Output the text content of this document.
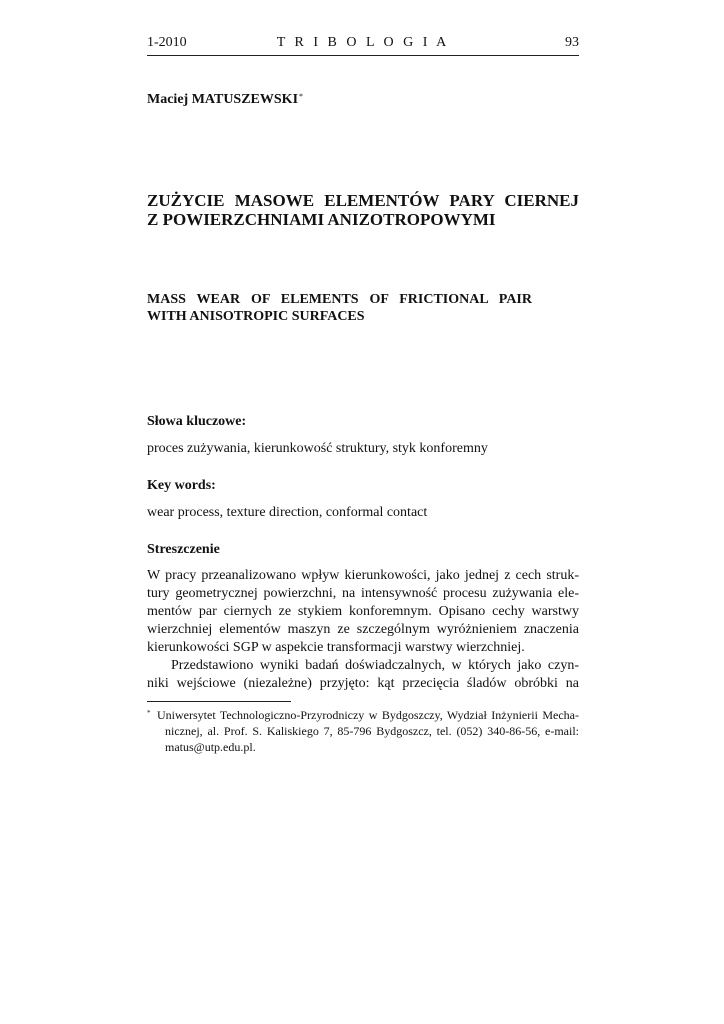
1-2010	T R I B O L O G I A	93
Maciej MATUSZEWSKI*
ZUŻYCIE MASOWE ELEMENTÓW PARY CIERNEJ
Z POWIERZCHNIAMI ANIZOTROPOWYMI
MASS WEAR OF ELEMENTS OF FRICTIONAL PAIR
WITH ANISOTROPIC SURFACES
Słowa kluczowe:

proces zużywania, kierunkowość struktury, styk konforemny

Key words:

wear process, texture direction, conformal contact

Streszczenie
W pracy przeanalizowano wpływ kierunkowości, jako jednej z cech struk-
tury geometrycznej powierzchni, na intensywność procesu zużywania ele-
mentów par ciernych ze stykiem konforemnym. Opisano cechy warstwy
wierzchniej elementów maszyn ze szczególnym wyróżnieniem znaczenia
kierunkowości SGP w aspekcie transformacji warstwy wierzchniej.
Przedstawiono wyniki badań doświadczalnych, w których jako czyn-
niki wejściowe (niezależne) przyjęto: kąt przecięcia śladów obróbki na
* Uniwersytet Technologiczno-Przyrodniczy w Bydgoszczy, Wydział Inżynierii Mecha-
nicznej, al. Prof. S. Kaliskiego 7, 85-796 Bydgoszcz, tel. (052) 340-86-56, e-mail:
matus@utp.edu.pl.
